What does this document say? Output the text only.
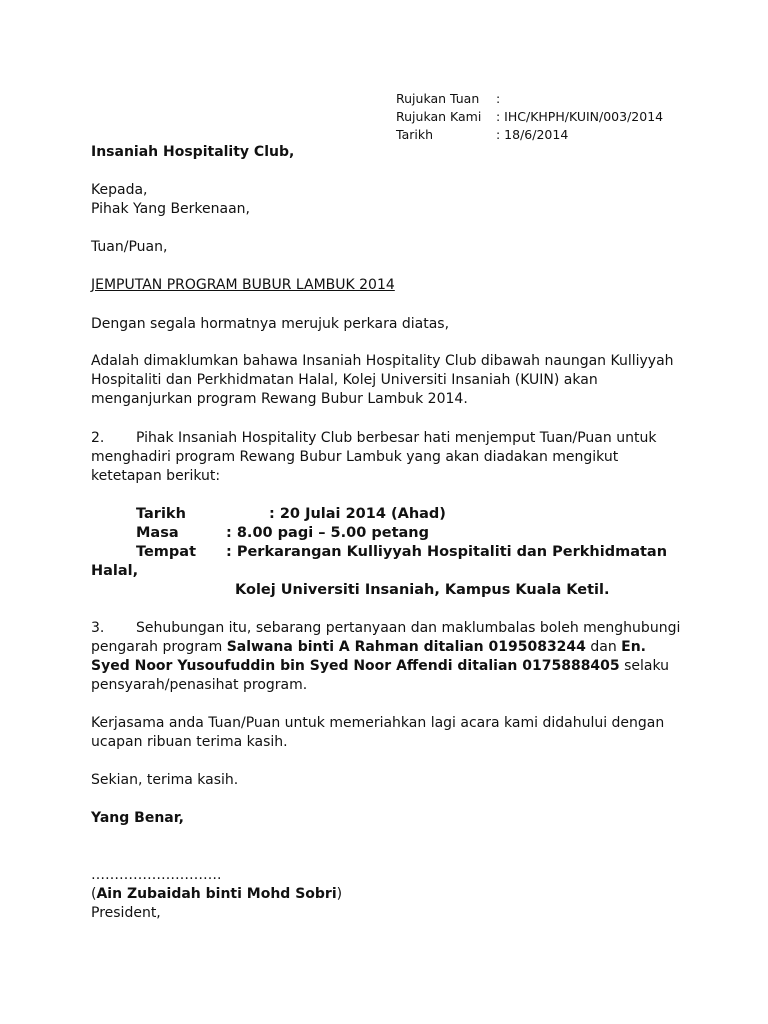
Rujukan Tuan	:
Rujukan Kami	: IHC/KHPH/KUIN/003/2014
Tarikh	: 18/6/2014
Insaniah Hospitality Club,
Kepada,
Pihak Yang Berkenaan,
Tuan/Puan,
JEMPUTAN PROGRAM BUBUR LAMBUK 2014
Dengan segala hormatnya merujuk perkara diatas,

Adalah dimaklumkan bahawa Insaniah Hospitality Club dibawah naungan Kulliyyah

Hospitaliti dan Perkhidmatan Halal, Kolej Universiti Insaniah (KUIN) akan

menganjurkan program Rewang Bubur Lambuk 2014.

2. Pihak Insaniah Hospitality Club berbesar hati menjemput Tuan/Puan untuk

menghadiri program Rewang Bubur Lambuk yang akan diadakan mengikut

ketetapan berikut:

Tarikh	: 20 Julai 2014 (Ahad)
Masa	: 8.00 pagi – 5.00 petang
Tempat : Perkarangan Kulliyyah Hospitaliti dan Perkhidmatan
Halal,
Kolej Universiti Insaniah, Kampus Kuala Ketil.

3. Sehubungan itu, sebarang pertanyaan dan maklumbalas boleh menghubungi

pengarah program Salwana binti A Rahman ditalian 0195083244 dan En.

Syed Noor Yusoufuddin bin Syed Noor Affendi ditalian 0175888405 selaku

pensyarah/penasihat program.

Kerjasama anda Tuan/Puan untuk memeriahkan lagi acara kami didahului dengan

ucapan ribuan terima kasih.

Sekian, terima kasih.
Yang Benar,
……………………….
(Ain Zubaidah binti Mohd Sobri)
President,
